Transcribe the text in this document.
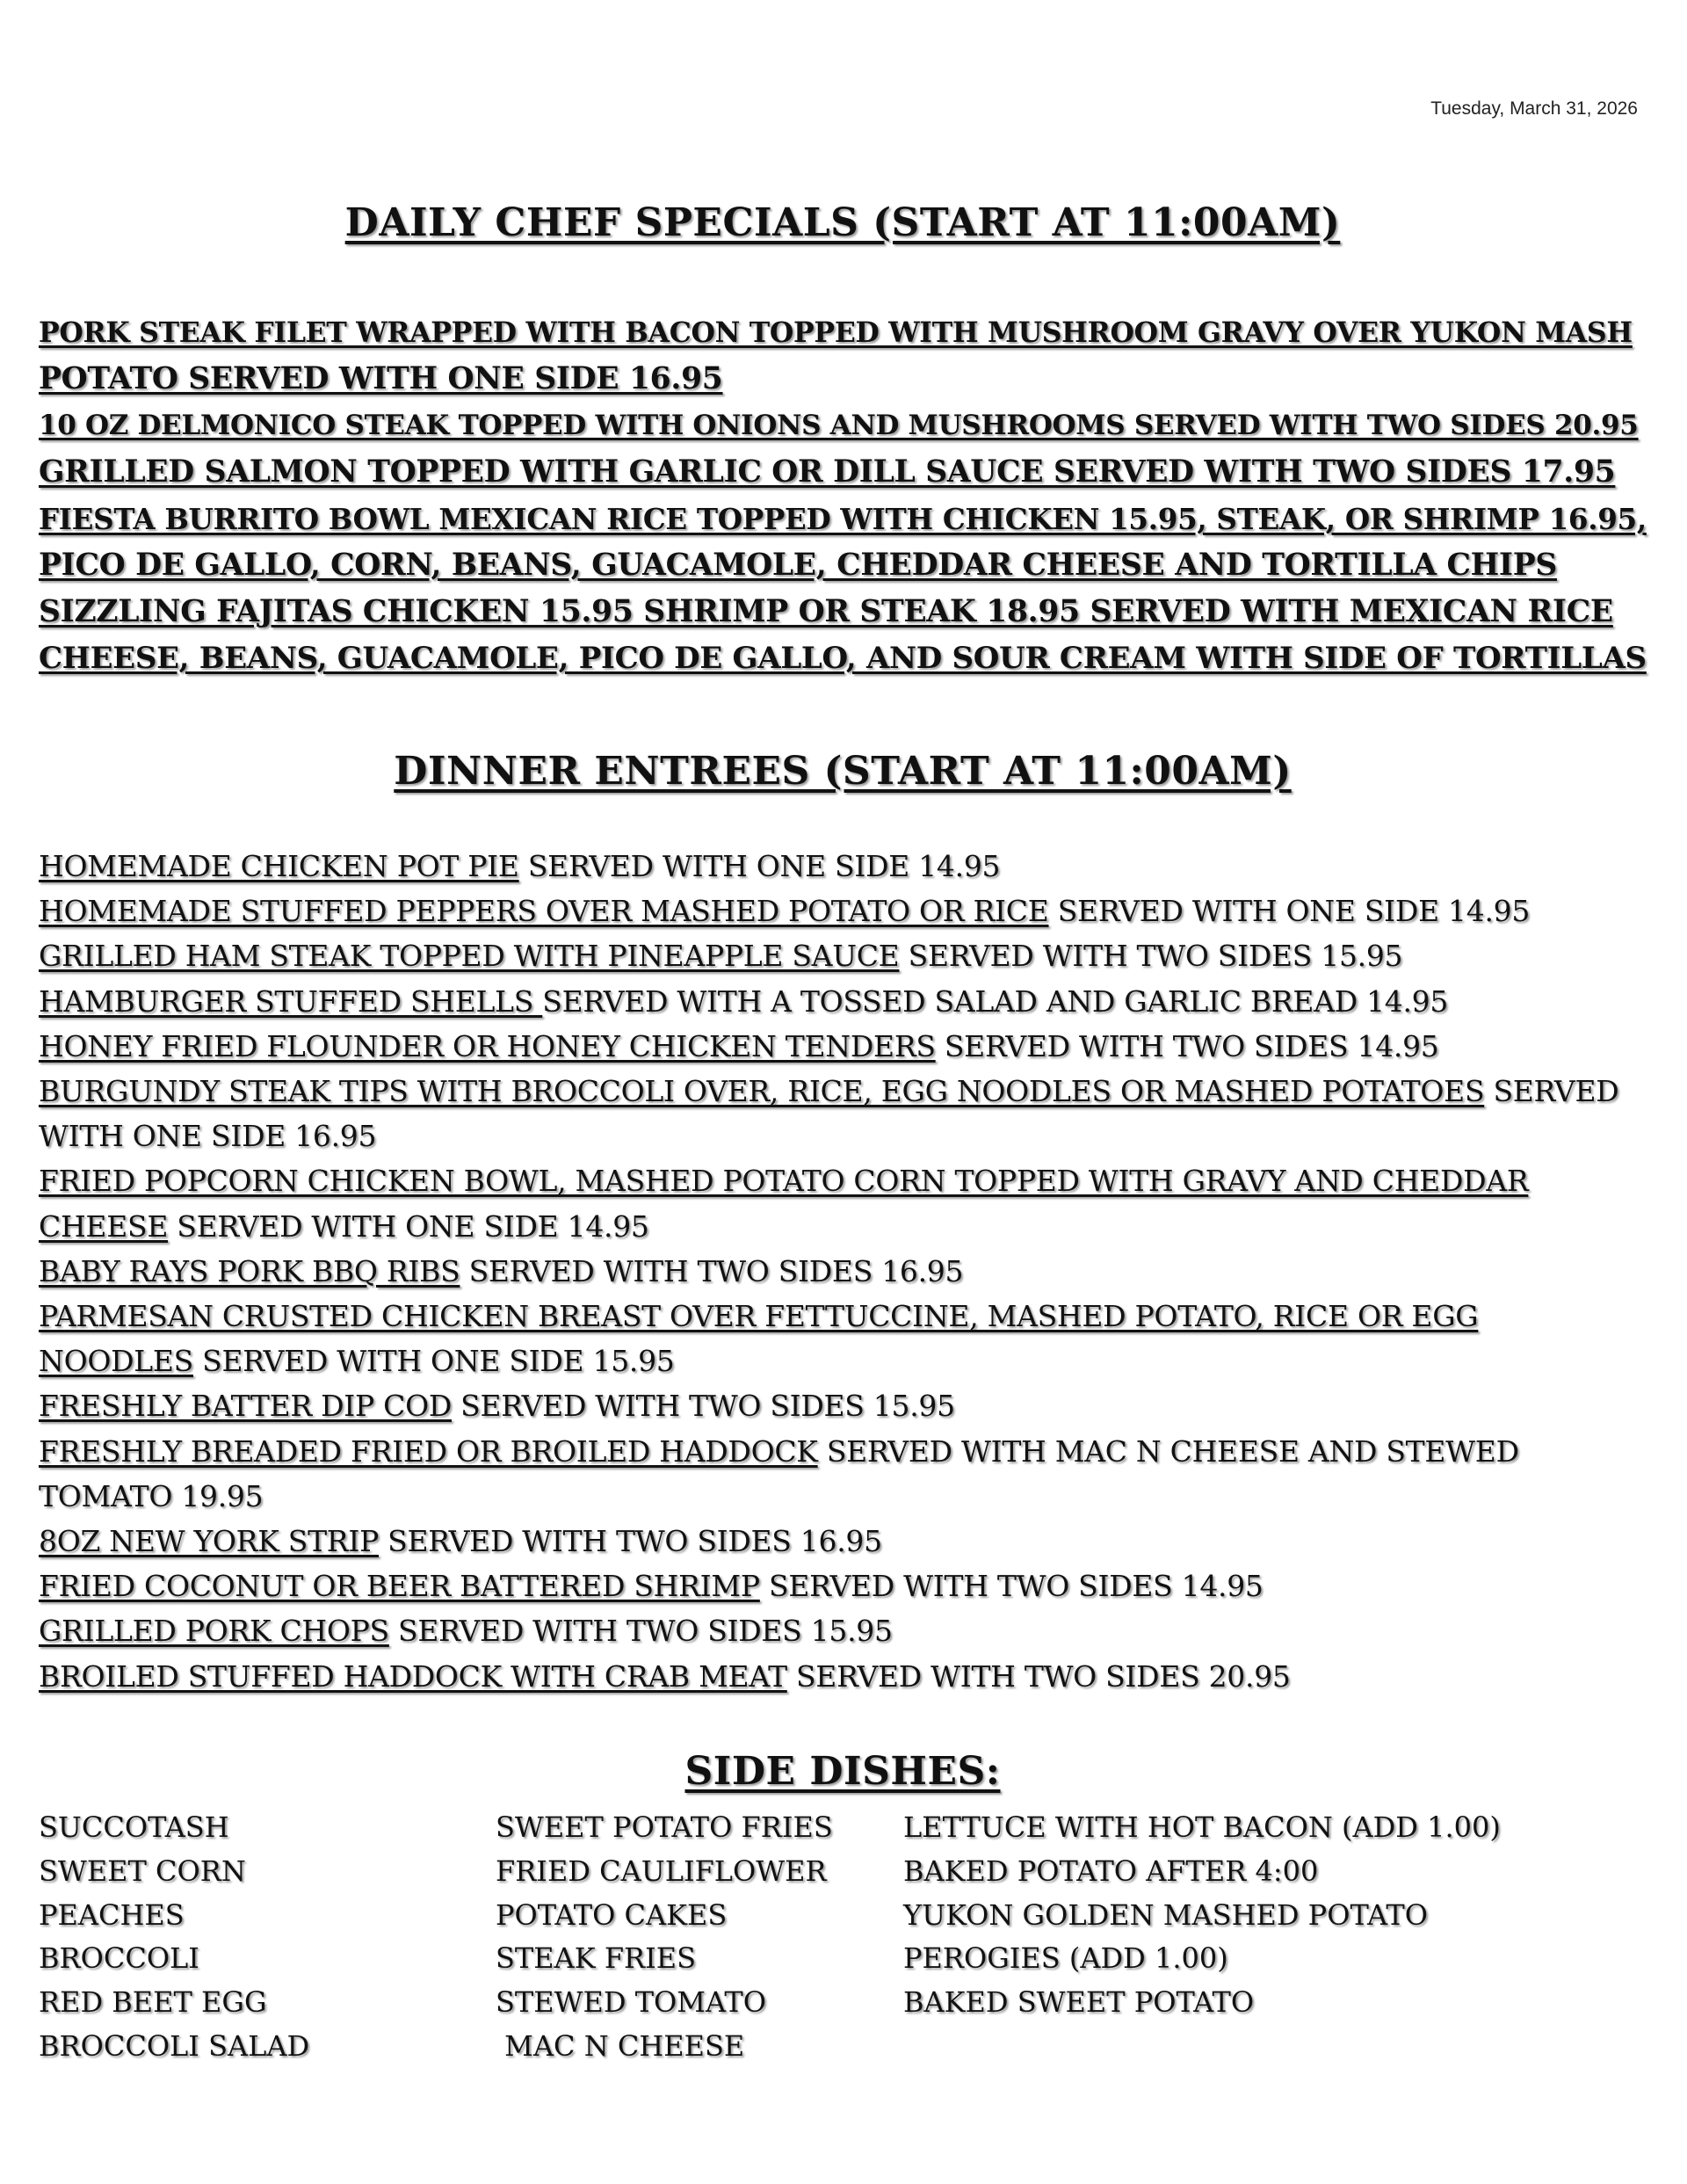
Tuesday, March 31, 2026
DAILY CHEF SPECIALS (START AT 11:00AM)
PORK STEAK FILET WRAPPED WITH BACON TOPPED WITH MUSHROOM GRAVY OVER YUKON MASH
POTATO SERVED WITH ONE SIDE 16.95
10 OZ DELMONICO STEAK TOPPED WITH ONIONS AND MUSHROOMS SERVED WITH TWO SIDES 20.95
GRILLED SALMON TOPPED WITH GARLIC OR DILL SAUCE SERVED WITH TWO SIDES 17.95
FIESTA BURRITO BOWL MEXICAN RICE TOPPED WITH CHICKEN 15.95, STEAK, OR SHRIMP 16.95,
PICO DE GALLO, CORN, BEANS, GUACAMOLE, CHEDDAR CHEESE AND TORTILLA CHIPS
SIZZLING FAJITAS CHICKEN 15.95 SHRIMP OR STEAK 18.95 SERVED WITH MEXICAN RICE
CHEESE, BEANS, GUACAMOLE, PICO DE GALLO, AND SOUR CREAM WITH SIDE OF TORTILLAS
DINNER ENTREES (START AT 11:00AM)
HOMEMADE CHICKEN POT PIE SERVED WITH ONE SIDE 14.95
HOMEMADE STUFFED PEPPERS OVER MASHED POTATO OR RICE SERVED WITH ONE SIDE 14.95
GRILLED HAM STEAK TOPPED WITH PINEAPPLE SAUCE SERVED WITH TWO SIDES 15.95
HAMBURGER STUFFED SHELLS SERVED WITH A TOSSED SALAD AND GARLIC BREAD 14.95
HONEY FRIED FLOUNDER OR HONEY CHICKEN TENDERS SERVED WITH TWO SIDES 14.95
BURGUNDY STEAK TIPS WITH BROCCOLI OVER, RICE, EGG NOODLES OR MASHED POTATOES SERVED
WITH ONE SIDE 16.95
FRIED POPCORN CHICKEN BOWL, MASHED POTATO CORN TOPPED WITH GRAVY AND CHEDDAR
CHEESE SERVED WITH ONE SIDE 14.95
BABY RAYS PORK BBQ RIBS SERVED WITH TWO SIDES 16.95
PARMESAN CRUSTED CHICKEN BREAST OVER FETTUCCINE, MASHED POTATO, RICE OR EGG
NOODLES SERVED WITH ONE SIDE 15.95
FRESHLY BATTER DIP COD SERVED WITH TWO SIDES 15.95
FRESHLY BREADED FRIED OR BROILED HADDOCK SERVED WITH MAC N CHEESE AND STEWED
TOMATO 19.95
8OZ NEW YORK STRIP SERVED WITH TWO SIDES 16.95
FRIED COCONUT OR BEER BATTERED SHRIMP SERVED WITH TWO SIDES 14.95
GRILLED PORK CHOPS SERVED WITH TWO SIDES 15.95
BROILED STUFFED HADDOCK WITH CRAB MEAT SERVED WITH TWO SIDES 20.95
SIDE DISHES:
SUCCOTASH
SWEET CORN
PEACHES
BROCCOLI
RED BEET EGG
BROCCOLI SALAD
SWEET POTATO FRIES
FRIED CAULIFLOWER
POTATO CAKES
STEAK FRIES
STEWED TOMATO
MAC N CHEESE
LETTUCE WITH HOT BACON (ADD 1.00)
BAKED POTATO AFTER 4:00
YUKON GOLDEN MASHED POTATO
PEROGIES (ADD 1.00)
BAKED SWEET POTATO
